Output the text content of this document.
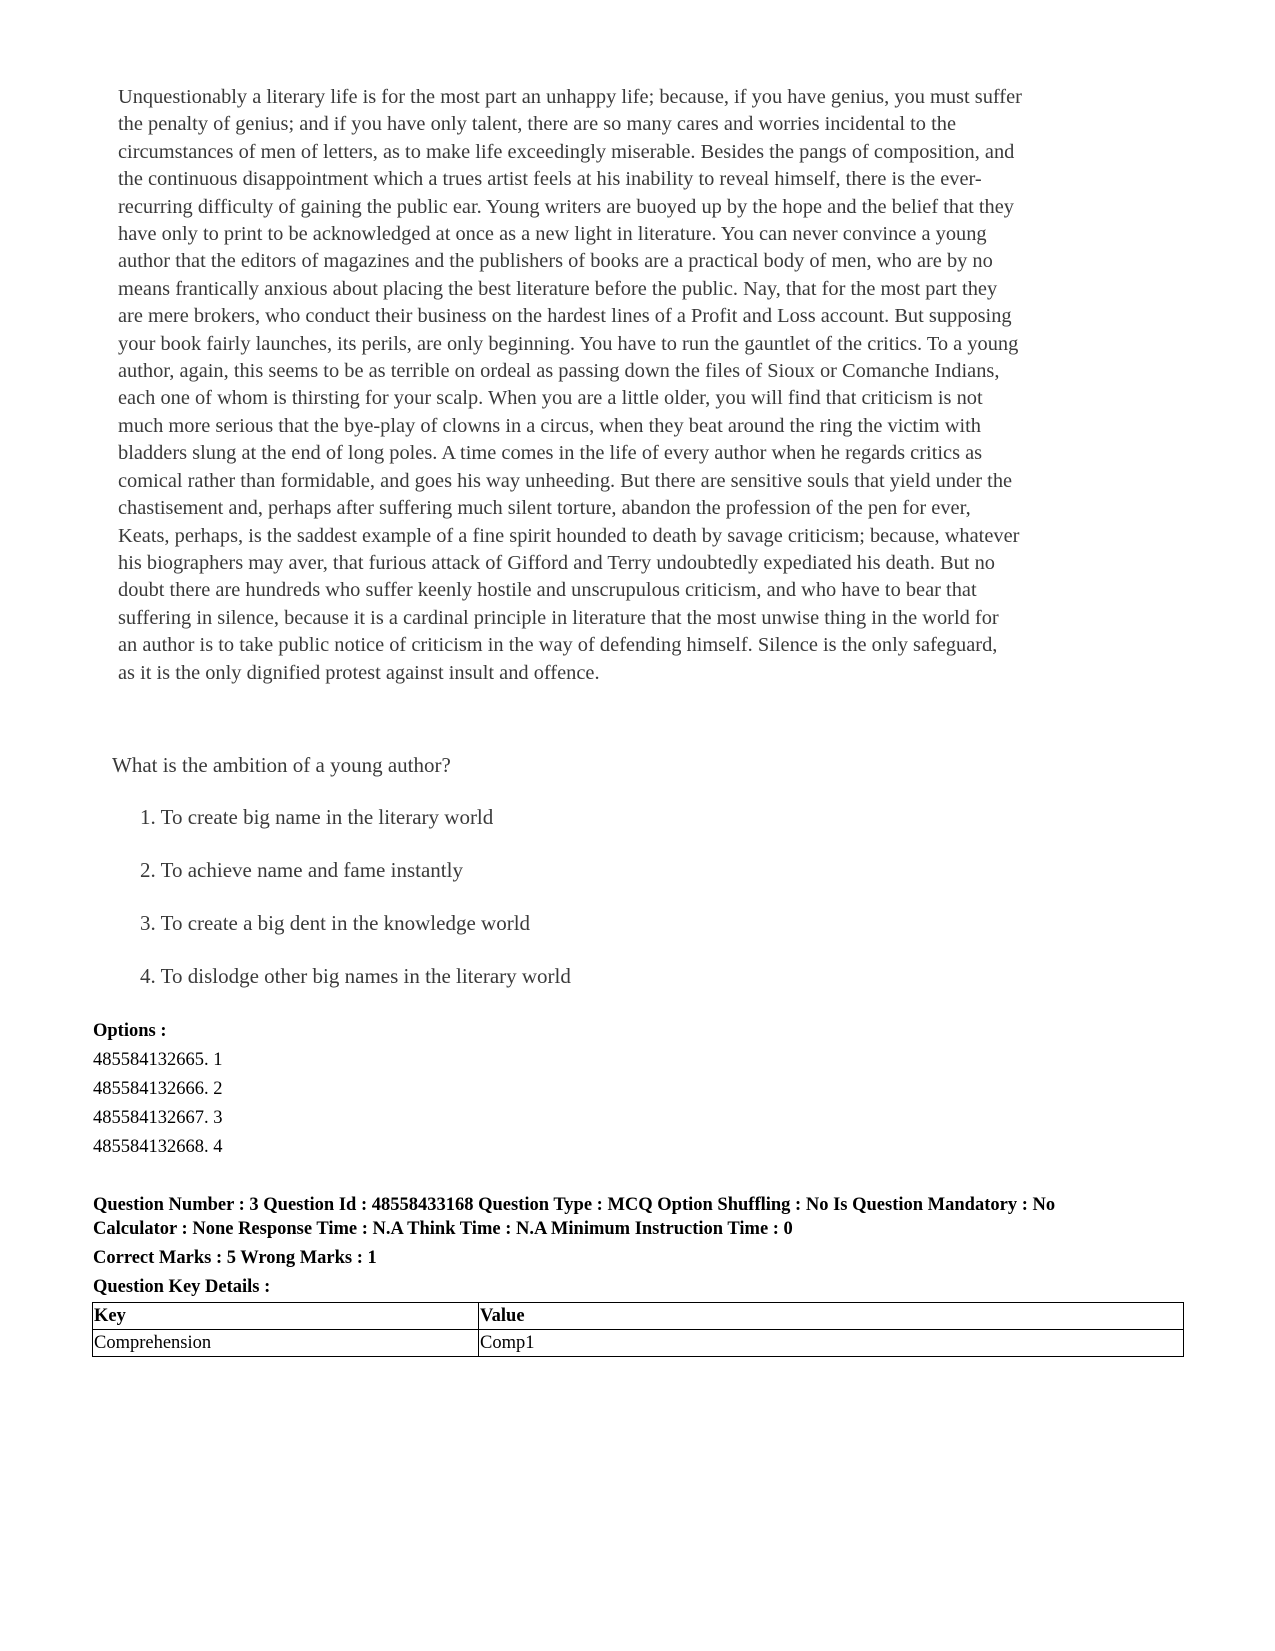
Unquestionably a literary life is for the most part an unhappy life; because, if you have genius, you must suffer
the penalty of genius; and if you have only talent, there are so many cares and worries incidental to the
circumstances of men of letters, as to make life exceedingly miserable. Besides the pangs of composition, and
the continuous disappointment which a trues artist feels at his inability to reveal himself, there is the ever-
recurring difficulty of gaining the public ear. Young writers are buoyed up by the hope and the belief that they
have only to print to be acknowledged at once as a new light in literature. You can never convince a young
author that the editors of magazines and the publishers of books are a practical body of men, who are by no
means frantically anxious about placing the best literature before the public. Nay, that for the most part they
are mere brokers, who conduct their business on the hardest lines of a Profit and Loss account. But supposing
your book fairly launches, its perils, are only beginning. You have to run the gauntlet of the critics. To a young
author, again, this seems to be as terrible on ordeal as passing down the files of Sioux or Comanche Indians,
each one of whom is thirsting for your scalp. When you are a little older, you will find that criticism is not
much more serious that the bye-play of clowns in a circus, when they beat around the ring the victim with
bladders slung at the end of long poles. A time comes in the life of every author when he regards critics as
comical rather than formidable, and goes his way unheeding. But there are sensitive souls that yield under the
chastisement and, perhaps after suffering much silent torture, abandon the profession of the pen for ever,
Keats, perhaps, is the saddest example of a fine spirit hounded to death by savage criticism; because, whatever
his biographers may aver, that furious attack of Gifford and Terry undoubtedly expediated his death. But no
doubt there are hundreds who suffer keenly hostile and unscrupulous criticism, and who have to bear that
suffering in silence, because it is a cardinal principle in literature that the most unwise thing in the world for
an author is to take public notice of criticism in the way of defending himself. Silence is the only safeguard,
as it is the only dignified protest against insult and offence.
What is the ambition of a young author?
1. To create big name in the literary world
2. To achieve name and fame instantly
3. To create a big dent in the knowledge world
4. To dislodge other big names in the literary world
Options :
485584132665. 1
485584132666. 2
485584132667. 3
485584132668. 4
Question Number : 3 Question Id : 48558433168 Question Type : MCQ Option Shuffling : No Is Question Mandatory : No
Calculator : None Response Time : N.A Think Time : N.A Minimum Instruction Time : 0
Correct Marks : 5 Wrong Marks : 1
Question Key Details :
Key	Value
Comprehension	Comp1
